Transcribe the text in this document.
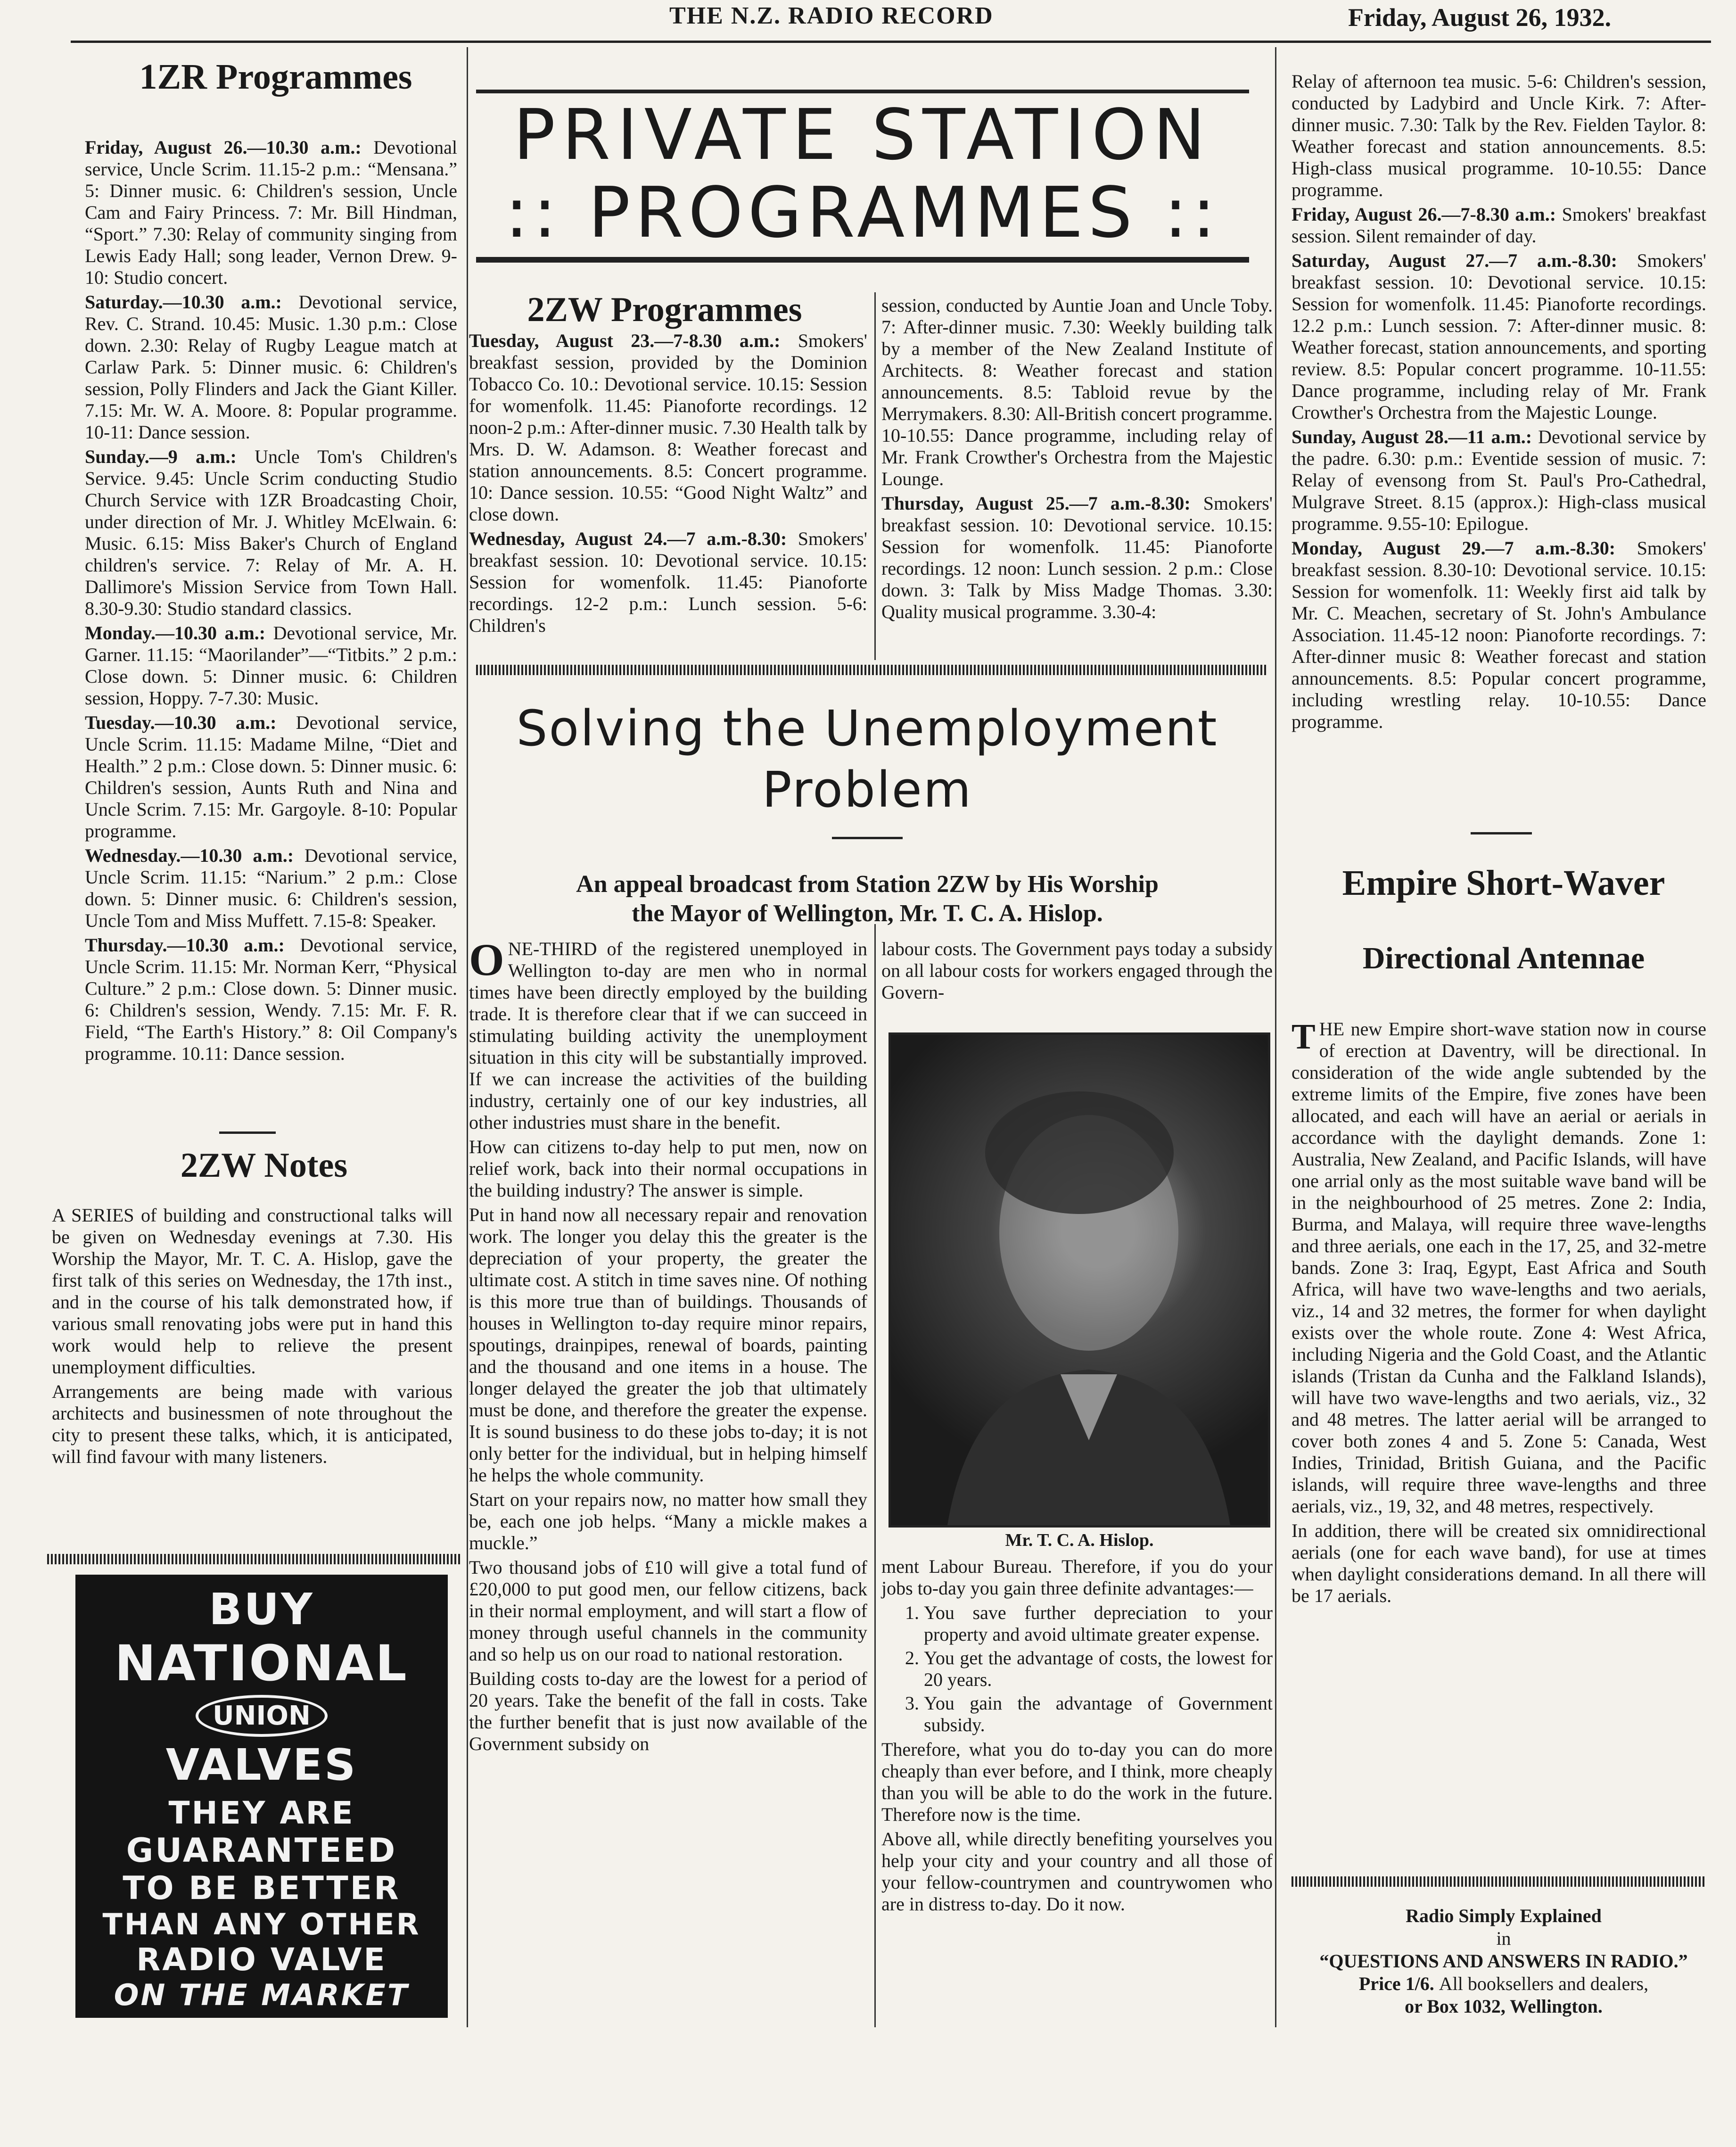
THE N.Z. RADIO RECORD	Friday, August 26, 1932.
1ZR Programmes

Friday, August 26.—10.30 a.m.: Devotional service, Uncle Scrim. 11.15-2 p.m.: “Mensana.” 5: Dinner music. 6: Children's session, Uncle Cam and Fairy Princess. 7: Mr. Bill Hindman, “Sport.” 7.30: Relay of community singing from Lewis Eady Hall; song leader, Vernon Drew. 9-10: Studio concert.

Saturday.—10.30 a.m.: Devotional service, Rev. C. Strand. 10.45: Music. 1.30 p.m.: Close down. 2.30: Relay of Rugby League match at Carlaw Park. 5: Dinner music. 6: Children's session, Polly Flinders and Jack the Giant Killer. 7.15: Mr. W. A. Moore. 8: Popular programme. 10-11: Dance session.

Sunday.—9 a.m.: Uncle Tom's Children's Service. 9.45: Uncle Scrim conducting Studio Church Service with 1ZR Broadcasting Choir, under direction of Mr. J. Whitley McElwain. 6: Music. 6.15: Miss Baker's Church of England children's service. 7: Relay of Mr. A. H. Dallimore's Mission Service from Town Hall. 8.30-9.30: Studio standard classics.

Monday.—10.30 a.m.: Devotional service, Mr. Garner. 11.15: “Maorilander”—“Titbits.” 2 p.m.: Close down. 5: Dinner music. 6: Children session, Hoppy. 7-7.30: Music.

Tuesday.—10.30 a.m.: Devotional service, Uncle Scrim. 11.15: Madame Milne, “Diet and Health.” 2 p.m.: Close down. 5: Dinner music. 6: Children's session, Aunts Ruth and Nina and Uncle Scrim. 7.15: Mr. Gargoyle. 8-10: Popular programme.

Wednesday.—10.30 a.m.: Devotional service, Uncle Scrim. 11.15: “Narium.” 2 p.m.: Close down. 5: Dinner music. 6: Children's session, Uncle Tom and Miss Muffett. 7.15-8: Speaker.

Thursday.—10.30 a.m.: Devotional service, Uncle Scrim. 11.15: Mr. Norman Kerr, “Physical Culture.” 2 p.m.: Close down. 5: Dinner music. 6: Children's session, Wendy. 7.15: Mr. F. R. Field, “The Earth's History.” 8: Oil Company's programme. 10.11: Dance session.

2ZW Notes

A SERIES of building and constructional talks will be given on Wednesday evenings at 7.30. His Worship the Mayor, Mr. T. C. A. Hislop, gave the first talk of this series on Wednesday, the 17th inst., and in the course of his talk demonstrated how, if various small renovating jobs were put in hand this work would help to relieve the present unemployment difficulties.

Arrangements are being made with various architects and businessmen of note throughout the city to present these talks, which, it is anticipated, will find favour with many listeners.

BUY
NATIONAL
UNION
VALVES
THEY ARE
GUARANTEED
TO BE BETTER
THAN ANY OTHER
RADIO VALVE
ON THE MARKET
PRIVATE STATION
:: PROGRAMMES ::
2ZW Programmes

Tuesday, August 23.—7-8.30 a.m.: Smokers' breakfast session, provided by the Dominion Tobacco Co. 10.: Devotional service. 10.15: Session for womenfolk. 11.45: Pianoforte recordings. 12 noon-2 p.m.: After-dinner music. 7.30 Health talk by Mrs. D. W. Adamson. 8: Weather forecast and station announcements. 8.5: Concert programme. 10: Dance session. 10.55: “Good Night Waltz” and close down.

Wednesday, August 24.—7 a.m.-8.30: Smokers' breakfast session. 10: Devotional service. 10.15: Session for womenfolk. 11.45: Pianoforte recordings. 12-2 p.m.: Lunch session. 5-6: Children's

session, conducted by Auntie Joan and Uncle Toby. 7: After-dinner music. 7.30: Weekly building talk by a member of the New Zealand Institute of Architects. 8: Weather forecast and station announcements. 8.5: Tabloid revue by the Merrymakers. 8.30: All-British concert programme. 10-10.55: Dance programme, including relay of Mr. Frank Crowther's Orchestra from the Majestic Lounge.

Thursday, August 25.—7 a.m.-8.30: Smokers' breakfast session. 10: Devotional service. 10.15: Session for womenfolk. 11.45: Pianoforte recordings. 12 noon: Lunch session. 2 p.m.: Close down. 3: Talk by Miss Madge Thomas. 3.30: Quality musical programme. 3.30-4:

Relay of afternoon tea music. 5-6: Children's session, conducted by Ladybird and Uncle Kirk. 7: After-dinner music. 7.30: Talk by the Rev. Fielden Taylor. 8: Weather forecast and station announcements. 8.5: High-class musical programme. 10-10.55: Dance programme.

Friday, August 26.—7-8.30 a.m.: Smokers' breakfast session. Silent remainder of day.

Saturday, August 27.—7 a.m.-8.30: Smokers' breakfast session. 10: Devotional service. 10.15: Session for womenfolk. 11.45: Pianoforte recordings. 12.2 p.m.: Lunch session. 7: After-dinner music. 8: Weather forecast, station announcements, and sporting review. 8.5: Popular concert programme. 10-11.55: Dance programme, including relay of Mr. Frank Crowther's Orchestra from the Majestic Lounge.

Sunday, August 28.—11 a.m.: Devotional service by the padre. 6.30: p.m.: Eventide session of music. 7: Relay of evensong from St. Paul's Pro-Cathedral, Mulgrave Street. 8.15 (approx.): High-class musical programme. 9.55-10: Epilogue.

Monday, August 29.—7 a.m.-8.30: Smokers' breakfast session. 8.30-10: Devotional service. 10.15: Session for womenfolk. 11: Weekly first aid talk by Mr. C. Meachen, secretary of St. John's Ambulance Association. 11.45-12 noon: Pianoforte recordings. 7: After-dinner music 8: Weather forecast and station announcements. 8.5: Popular concert programme, including wrestling relay. 10-10.55: Dance programme.

Solving the Unemployment
Problem
An appeal broadcast from Station 2ZW by His Worship
the Mayor of Wellington, Mr. T. C. A. Hislop.

ONE-THIRD of the registered unemployed in Wellington to-day are men who in normal times have been directly employed by the building trade. It is therefore clear that if we can succeed in stimulating building activity the unemployment situation in this city will be substantially improved. If we can increase the activities of the building industry, certainly one of our key industries, all other industries must share in the benefit.

How can citizens to-day help to put men, now on relief work, back into their normal occupations in the building industry? The answer is simple.

Put in hand now all necessary repair and renovation work. The longer you delay this the greater is the depreciation of your property, the greater the ultimate cost. A stitch in time saves nine. Of nothing is this more true than of buildings. Thousands of houses in Wellington to-day require minor repairs, spoutings, drainpipes, renewal of boards, painting and the thousand and one items in a house. The longer delayed the greater the job that ultimately must be done, and therefore the greater the expense. It is sound business to do these jobs to-day; it is not only better for the individual, but in helping himself he helps the whole community.

Start on your repairs now, no matter how small they be, each one job helps. “Many a mickle makes a muckle.”

Two thousand jobs of £10 will give a total fund of £20,000 to put good men, our fellow citizens, back in their normal employment, and will start a flow of money through useful channels in the community and so help us on our road to national restoration.

Building costs to-day are the lowest for a period of 20 years. Take the benefit of the fall in costs. Take the further benefit that is just now available of the Government subsidy on

labour costs. The Government pays today a subsidy on all labour costs for workers engaged through the Govern-

Mr. T. C. A. Hislop.

ment Labour Bureau. Therefore, if you do your jobs to-day you gain three definite advantages:—

1. You save further depreciation to your property and avoid ultimate greater expense.
2. You get the advantage of costs, the lowest for 20 years.
3. You gain the advantage of Government subsidy.

Therefore, what you do to-day you can do more cheaply than ever before, and I think, more cheaply than you will be able to do the work in the future. Therefore now is the time.

Above all, while directly benefiting yourselves you help your city and your country and all those of your fellow-countrymen and countrywomen who are in distress to-day. Do it now.

Empire Short-Waver
Directional Antennae

THE new Empire short-wave station now in course of erection at Daventry, will be directional. In consideration of the wide angle subtended by the extreme limits of the Empire, five zones have been allocated, and each will have an aerial or aerials in accordance with the daylight demands. Zone 1: Australia, New Zealand, and Pacific Islands, will have one arrial only as the most suitable wave band will be in the neighbourhood of 25 metres. Zone 2: India, Burma, and Malaya, will require three wave-lengths and three aerials, one each in the 17, 25, and 32-metre bands. Zone 3: Iraq, Egypt, East Africa and South Africa, will have two wave-lengths and two aerials, viz., 14 and 32 metres, the former for when daylight exists over the whole route. Zone 4: West Africa, including Nigeria and the Gold Coast, and the Atlantic islands (Tristan da Cunha and the Falkland Islands), will have two wave-lengths and two aerials, viz., 32 and 48 metres. The latter aerial will be arranged to cover both zones 4 and 5. Zone 5: Canada, West Indies, Trinidad, British Guiana, and the Pacific islands, will require three wave-lengths and three aerials, viz., 19, 32, and 48 metres, respectively.

In addition, there will be created six omnidirectional aerials (one for each wave band), for use at times when daylight considerations demand. In all there will be 17 aerials.

Radio Simply Explained
in
“QUESTIONS AND ANSWERS IN RADIO.”
Price 1/6. All booksellers and dealers,
or Box 1032, Wellington.
